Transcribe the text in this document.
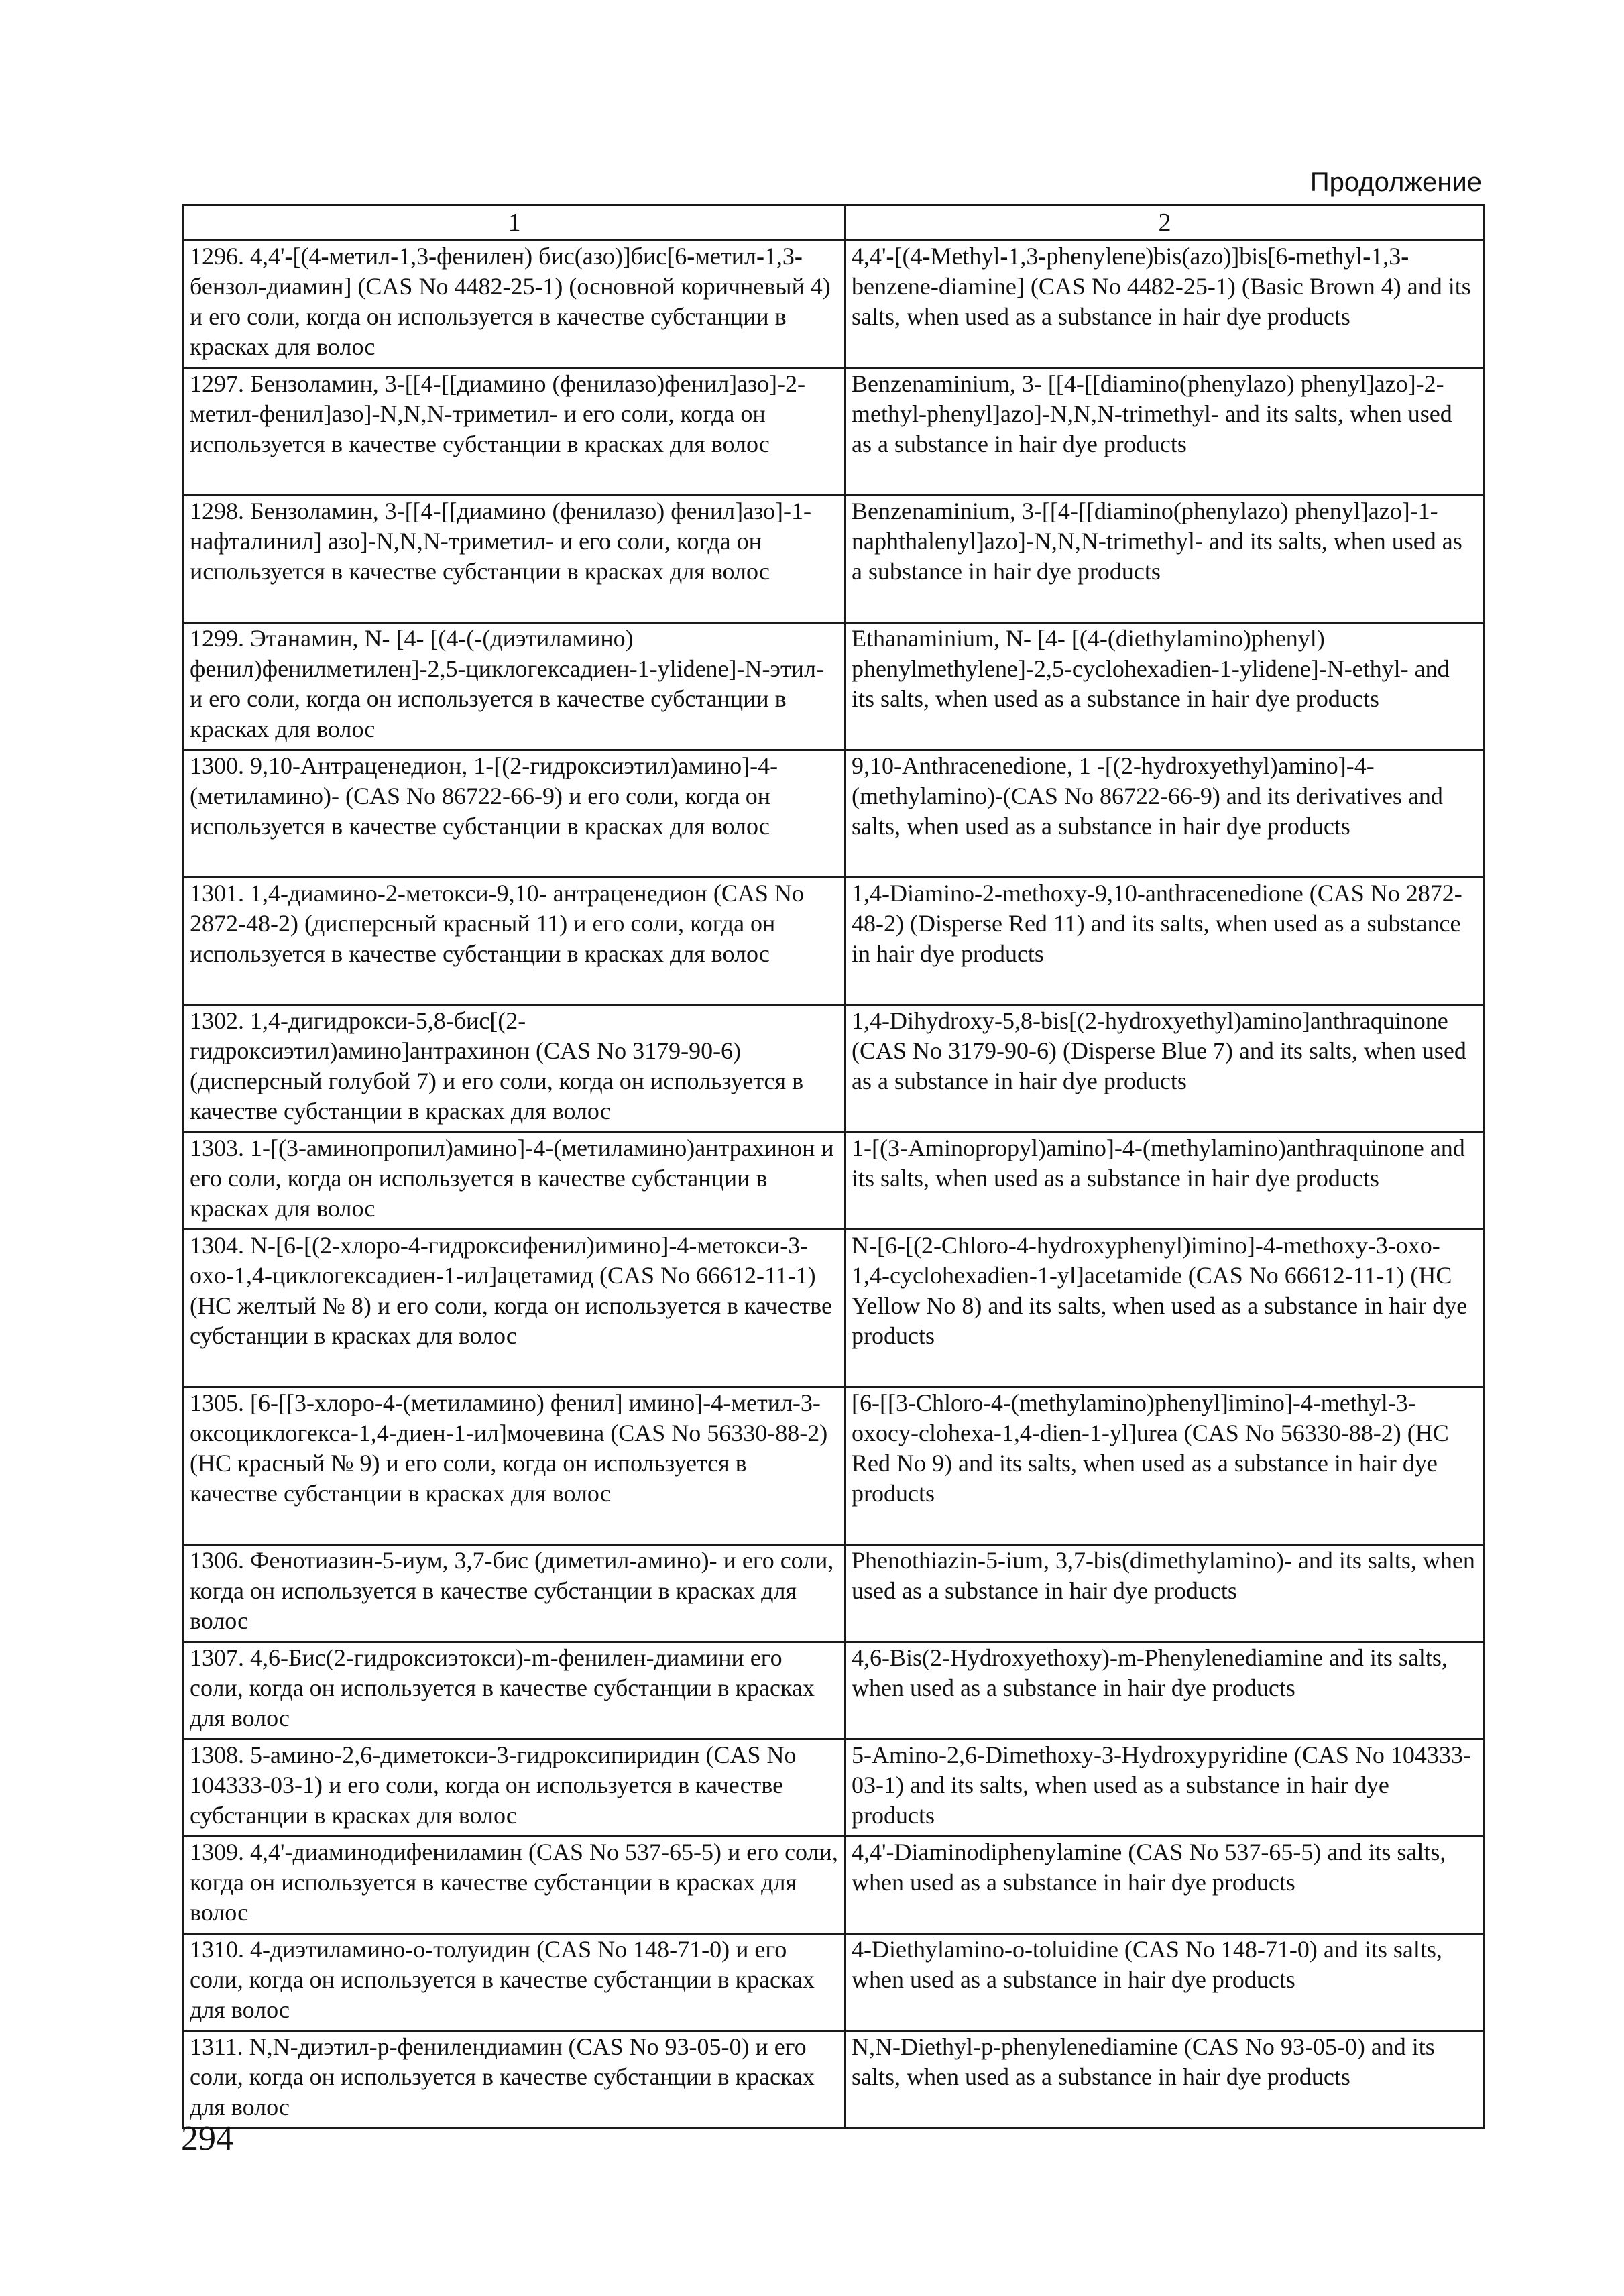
Продолжение
1	2
1296. 4,4'-[(4-метил-1,3-фенилен) бис(азо)]бис[6-метил-1,3-бензол-диамин] (CAS No 4482-25-1) (основной коричневый 4) и его соли, когда он используется в качестве субстанции в красках для волос	4,4'-[(4-Methyl-1,3-phenylene)bis(azo)]bis[6-methyl-1,3-benzene-diamine] (CAS No 4482-25-1) (Basic Brown 4) and its salts, when used as a substance in hair dye products
1297. Бензоламин, 3-[[4-[[диамино (фенилазо)фенил]азо]-2-метил-фенил]азо]-N,N,N-триметил- и его соли, когда он используется в качестве субстанции в красках для волос	Benzenaminium, 3- [[4-[[diamino(phenylazo) phenyl]azo]-2-methyl-phenyl]azo]-N,N,N-trimethyl- and its salts, when used as a substance in hair dye products
1298. Бензоламин, 3-[[4-[[диамино (фенилазо) фенил]азо]-1-нафталинил] азо]-N,N,N-триметил- и его соли, когда он используется в качестве субстанции в красках для волос	Benzenaminium, 3-[[4-[[diamino(phenylazo) phenyl]azo]-1-naphthalenyl]azo]-N,N,N-trimethyl- and its salts, when used as a substance in hair dye products
1299. Этанамин, N- [4- [(4-(-(диэтиламино) фенил)фенилметилен]-2,5-циклогексадиен-1-ylidene]-N-этил- и его соли, когда он используется в качестве субстанции в красках для волос	Ethanaminium, N- [4- [(4-(diethylamino)phenyl) phenylmethylene]-2,5-cyclohexadien-1-ylidene]-N-ethyl- and its salts, when used as a substance in hair dye products
1300. 9,10-Антраценедион, 1-[(2-гидроксиэтил)амино]-4-(метиламино)- (CAS No 86722-66-9) и его соли, когда он используется в качестве субстанции в красках для волос	9,10-Anthracenedione, 1 -[(2-hydroxyethyl)amino]-4-(methylamino)-(CAS No 86722-66-9) and its derivatives and salts, when used as a substance in hair dye products
1301. 1,4-диамино-2-метокси-9,10- антраценедион (CAS No 2872-48-2) (дисперсный красный 11) и его соли, когда он используется в качестве субстанции в красках для волос	1,4-Diamino-2-methoxy-9,10-anthracenedione (CAS No 2872-48-2) (Disperse Red 11) and its salts, when used as a substance in hair dye products
1302. 1,4-дигидрокси-5,8-бис[(2-гидроксиэтил)амино]антрахинон (CAS No 3179-90-6) (дисперсный голубой 7) и его соли, когда он используется в качестве субстанции в красках для волос	1,4-Dihydroxy-5,8-bis[(2-hydroxyethyl)amino]anthraquinone (CAS No 3179-90-6) (Disperse Blue 7) and its salts, when used as a substance in hair dye products
1303. 1-[(3-аминопропил)амино]-4-(метиламино)антрахинон и его соли, когда он используется в качестве субстанции в красках для волос	1-[(3-Aminopropyl)amino]-4-(methylamino)anthraquinone and its salts, when used as a substance in hair dye products
1304. N-[6-[(2-хлоро-4-гидроксифенил)имино]-4-метокси-3-оxo-1,4-циклогексадиен-1-ил]ацетамид (CAS No 66612-11-1) (НС желтый № 8) и его соли, когда он используется в качестве субстанции в красках для волос	N-[6-[(2-Chloro-4-hydroxyphenyl)imino]-4-methoxy-3-oxo-1,4-cyclohexadien-1-yl]acetamide (CAS No 66612-11-1) (HC Yellow No 8) and its salts, when used as a substance in hair dye products
1305. [6-[[3-хлоро-4-(метиламино) фенил] имино]-4-метил-3- оксоциклогекса-1,4-диен-1-ил]мочевина (CAS No 56330-88-2) (НС красный № 9) и его соли, когда он используется в качестве субстанции в красках для волос	[6-[[3-Chloro-4-(methylamino)phenyl]imino]-4-methyl-3-oxocy-clohexa-1,4-dien-1-yl]urea (CAS No 56330-88-2) (HC Red No 9) and its salts, when used as a substance in hair dye products
1306. Фенотиазин-5-иум, 3,7-бис (диметил-амино)- и его соли, когда он используется в качестве субстанции в красках для волос	Phenothiazin-5-ium, 3,7-bis(dimethylamino)- and its salts, when used as a substance in hair dye products
1307. 4,6-Бис(2-гидроксиэтокси)-m-фенилен-диамини его соли, когда он используется в качестве субстанции в красках для волос	4,6-Bis(2-Hydroxyethoxy)-m-Phenylenediamine and its salts, when used as a substance in hair dye products
1308. 5-амино-2,6-диметокси-3-гидроксипиридин (CAS No 104333-03-1) и его соли, когда он используется в качестве субстанции в красках для волос	5-Amino-2,6-Dimethoxy-3-Hydroxypyridine (CAS No 104333-03-1) and its salts, when used as a substance in hair dye products
1309. 4,4'-диаминодифениламин (CAS No 537-65-5) и его соли, когда он используется в качестве субстанции в красках для волос	4,4'-Diaminodiphenylamine (CAS No 537-65-5) and its salts, when used as a substance in hair dye products
1310. 4-диэтиламино-о-толуидин (CAS No 148-71-0) и его соли, когда он используется в качестве субстанции в красках для волос	4-Diethylamino-o-toluidine (CAS No 148-71-0) and its salts, when used as a substance in hair dye products
1311. N,N-диэтил-р-фенилендиамин (CAS No 93-05-0) и его соли, когда он используется в качестве субстанции в красках для волос	N,N-Diethyl-p-phenylenediamine (CAS No 93-05-0) and its salts, when used as a substance in hair dye products
294
